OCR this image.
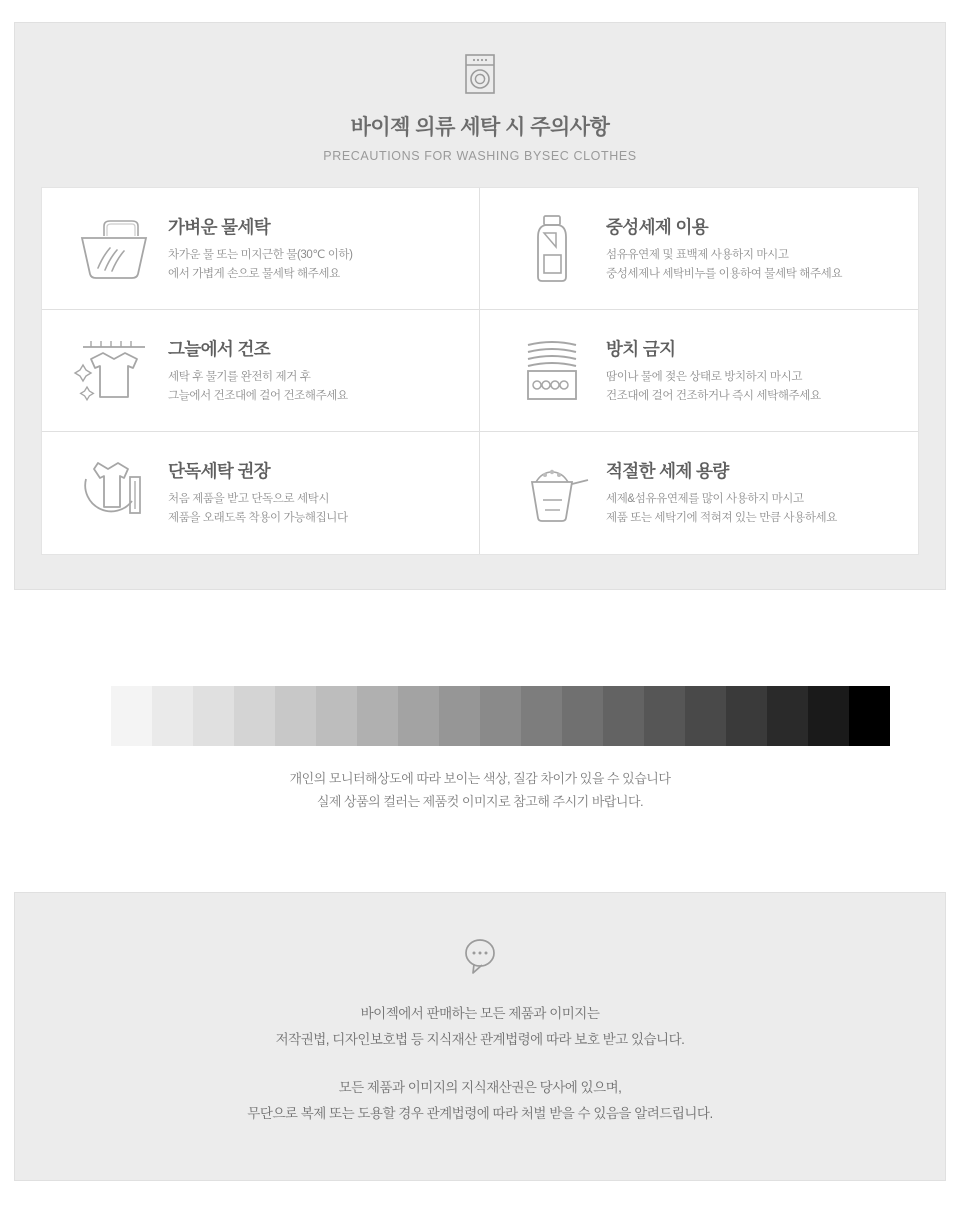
바이젝 의류 세탁 시 주의사항
PRECAUTIONS FOR WASHING BYSEC CLOTHES
가벼운 물세탁
차가운 물 또는 미지근한 물(30℃ 이하)
에서 가볍게 손으로 물세탁 해주세요
중성세제 이용
섬유유연제 및 표백제 사용하지 마시고
중성세제나 세탁비누를 이용하여 물세탁 해주세요
그늘에서 건조
세탁 후 물기를 완전히 제거 후
그늘에서 건조대에 걸어 건조해주세요
방치 금지
땀이나 물에 젖은 상태로 방치하지 마시고
건조대에 걸어 건조하거나 즉시 세탁해주세요
단독세탁 권장
처음 제품을 받고 단독으로 세탁시
제품을 오래도록 착용이 가능해집니다
적절한 세제 용량
세제&섬유유연제를 많이 사용하지 마시고
제품 또는 세탁기에 적혀져 있는 만큼 사용하세요
개인의 모니터해상도에 따라 보이는 색상, 질감 차이가 있을 수 있습니다
실제 상품의 컬러는 제품컷 이미지로 참고해 주시기 바랍니다.
바이젝에서 판매하는 모든 제품과 이미지는
저작권법, 디자인보호법 등 지식재산 관계법령에 따라 보호 받고 있습니다.
모든 제품과 이미지의 지식재산권은 당사에 있으며,
무단으로 복제 또는 도용할 경우 관계법령에 따라 처벌 받을 수 있음을 알려드립니다.
